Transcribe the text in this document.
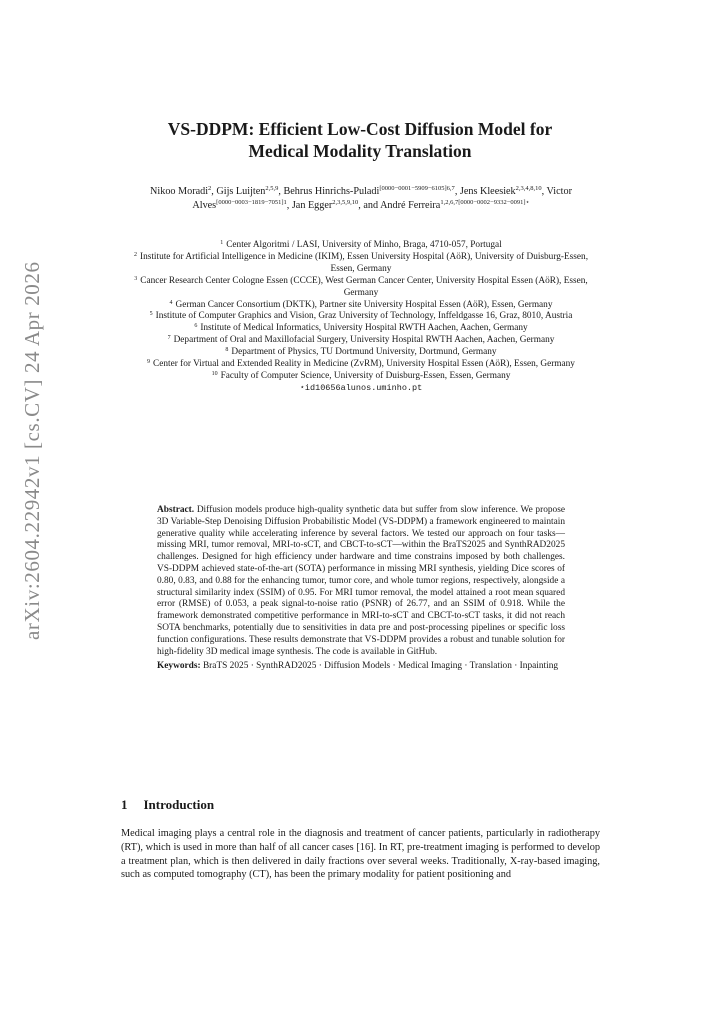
arXiv:2604.22942v1 [cs.CV] 24 Apr 2026
VS-DDPM: Efficient Low-Cost Diffusion Model for
Medical Modality Translation
Nikoo Moradi$^2$, Gijs Luijten$^{2,5,9}$, Behrus Hinrichs-Puladi$^{[0000-0001-5909-6105]6,7}$, Jens Kleesiek$^{2,3,4,8,10}$, Victor Alves$^{[0000-0003-1819-7051]1}$, Jan Egger$^{2,3,5,9,10}$, and André Ferreira$^{1,2,6,7[0000-0002-9332-0091]⋆}$
$^1$ Center Algoritmi / LASI, University of Minho, Braga, 4710-057, Portugal
$^2$ Institute for Artificial Intelligence in Medicine (IKIM), Essen University Hospital (AöR), University of Duisburg-Essen, Essen, Germany
$^3$ Cancer Research Center Cologne Essen (CCCE), West German Cancer Center, University Hospital Essen (AöR), Essen, Germany
$^4$ German Cancer Consortium (DKTK), Partner site University Hospital Essen (AöR), Essen, Germany
$^5$ Institute of Computer Graphics and Vision, Graz University of Technology, Inffeldgasse 16, Graz, 8010, Austria
$^6$ Institute of Medical Informatics, University Hospital RWTH Aachen, Aachen, Germany
$^7$ Department of Oral and Maxillofacial Surgery, University Hospital RWTH Aachen, Aachen, Germany
$^8$ Department of Physics, TU Dortmund University, Dortmund, Germany
$^9$ Center for Virtual and Extended Reality in Medicine (ZvRM), University Hospital Essen (AöR), Essen, Germany
$^{10}$ Faculty of Computer Science, University of Duisburg-Essen, Essen, Germany
⋆id10656alunos.uminho.pt
Abstract. Diffusion models produce high-quality synthetic data but suffer from slow inference. We propose 3D Variable-Step Denoising Diffusion Probabilistic Model (VS-DDPM) a framework engineered to maintain generative quality while accelerating inference by several factors. We tested our approach on four tasks—missing MRI, tumor removal, MRI-to-sCT, and CBCT-to-sCT—within the BraTS2025 and SynthRAD2025 challenges. Designed for high efficiency under hardware and time constrains imposed by both challenges. VS-DDPM achieved state-of-the-art (SOTA) performance in missing MRI synthesis, yielding Dice scores of 0.80, 0.83, and 0.88 for the enhancing tumor, tumor core, and whole tumor regions, respectively, alongside a structural similarity index (SSIM) of 0.95. For MRI tumor removal, the model attained a root mean squared error (RMSE) of 0.053, a peak signal-to-noise ratio (PSNR) of 26.77, and an SSIM of 0.918. While the framework demonstrated competitive performance in MRI-to-sCT and CBCT-to-sCT tasks, it did not reach SOTA benchmarks, potentially due to sensitivities in data pre and post-processing pipelines or specific loss function configurations. These results demonstrate that VS-DDPM provides a robust and tunable solution for high-fidelity 3D medical image synthesis. The code is available in GitHub.
Keywords: BraTS 2025 · SynthRAD2025 · Diffusion Models · Medical Imaging · Translation · Inpainting
1 Introduction
Medical imaging plays a central role in the diagnosis and treatment of cancer patients, particularly in radiotherapy (RT), which is used in more than half of all cancer cases [16]. In RT, pre-treatment imaging is performed to develop a treatment plan, which is then delivered in daily fractions over several weeks. Traditionally, X-ray-based imaging, such as computed tomography (CT), has been the primary modality for patient positioning and
